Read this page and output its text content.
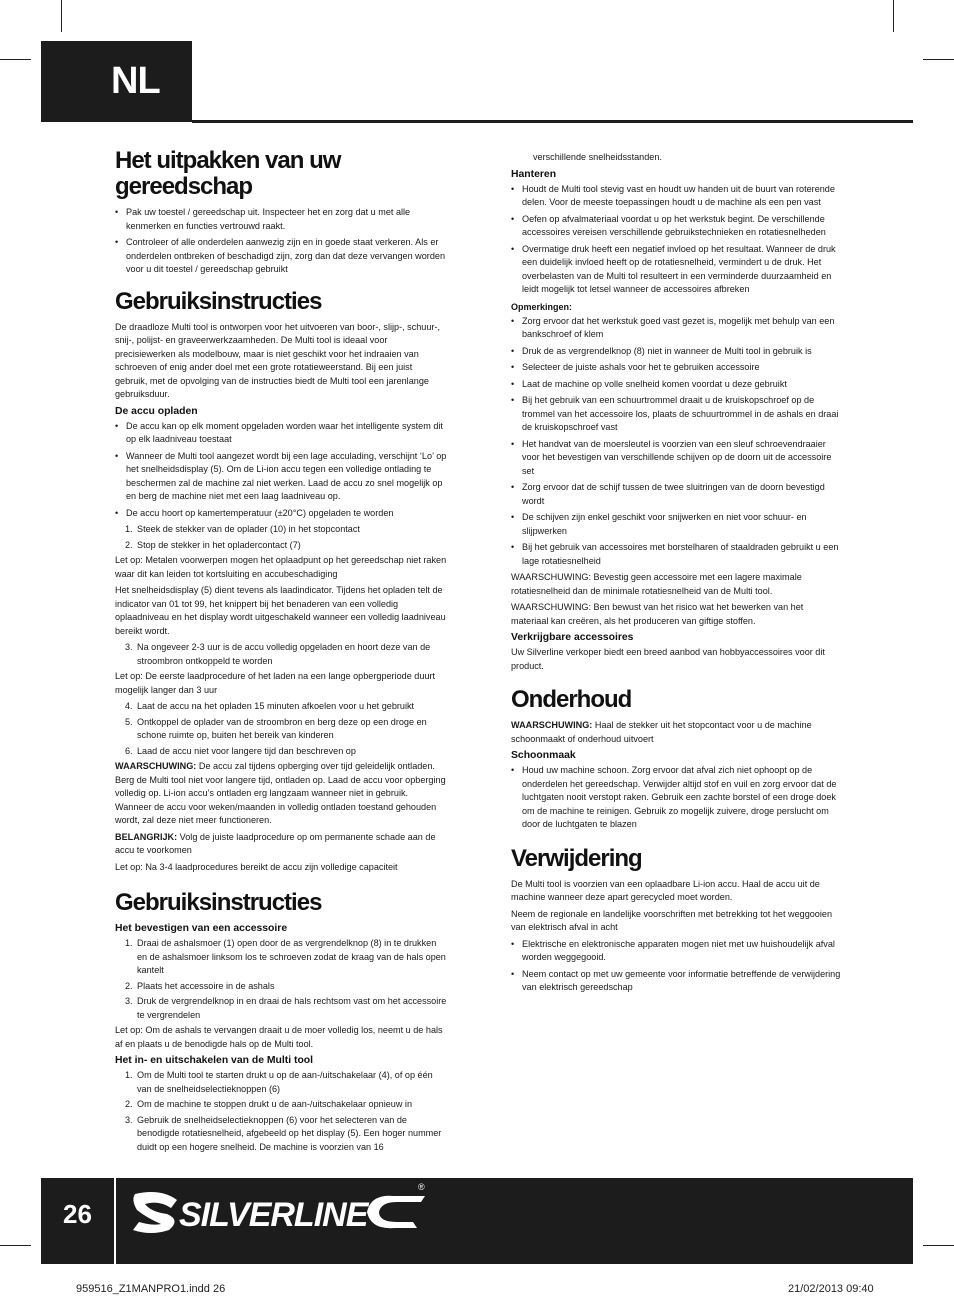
NL
Het uitpakken van uw gereedschap
• Pak uw toestel / gereedschap uit. Inspecteer het en zorg dat u met alle kenmerken en functies vertrouwd raakt.
• Controleer of alle onderdelen aanwezig zijn en in goede staat verkeren. Als er onderdelen ontbreken of beschadigd zijn, zorg dan dat deze vervangen worden voor u dit toestel / gereedschap gebruikt
Gebruiksinstructies

De draadloze Multi tool is ontworpen voor het uitvoeren van boor-, slijp-, schuur-, snij-, polijst- en graveerwerkzaamheden. De Multi tool is ideaal voor precisiewerken als modelbouw, maar is niet geschikt voor het indraaien van schroeven of enig ander doel met een grote rotatieweerstand. Bij een juist gebruik, met de opvolging van de instructies biedt de Multi tool een jarenlange gebruiksduur.

De accu opladen
• De accu kan op elk moment opgeladen worden waar het intelligente system dit op elk laadniveau toestaat
• Wanneer de Multi tool aangezet wordt bij een lage acculading, verschijnt ‘Lo’ op het snelheidsdisplay (5). Om de Li-ion accu tegen een volledige ontlading te beschermen zal de machine zal niet werken. Laad de accu zo snel mogelijk op en berg de machine niet met een laag laadniveau op.
• De accu hoort op kamertemperatuur (±20°C) opgeladen te worden
1. Steek de stekker van de oplader (10) in het stopcontact
2. Stop de stekker in het opladercontact (7)

Let op: Metalen voorwerpen mogen het oplaadpunt op het gereedschap niet raken waar dit kan leiden tot kortsluiting en accubeschadiging

Het snelheidsdisplay (5) dient tevens als laadindicator. Tijdens het opladen telt de indicator van 01 tot 99, het knippert bij het benaderen van een volledig oplaadniveau en het display wordt uitgeschakeld wanneer een volledig laadniveau bereikt wordt.

3. Na ongeveer 2-3 uur is de accu volledig opgeladen en hoort deze van de stroombron ontkoppeld te worden

Let op: De eerste laadprocedure of het laden na een lange opbergperiode duurt mogelijk langer dan 3 uur

4. Laat de accu na het opladen 15 minuten afkoelen voor u het gebruikt
5. Ontkoppel de oplader van de stroombron en berg deze op een droge en schone ruimte op, buiten het bereik van kinderen
6. Laad de accu niet voor langere tijd dan beschreven op

WAARSCHUWING: De accu zal tijdens opberging over tijd geleidelijk ontladen. Berg de Multi tool niet voor langere tijd, ontladen op. Laad de accu voor opberging volledig op. Li-ion accu’s ontladen erg langzaam wanneer niet in gebruik. Wanneer de accu voor weken/maanden in volledig ontladen toestand gehouden wordt, zal deze niet meer functioneren.

BELANGRIJK: Volg de juiste laadprocedure op om permanente schade aan de accu te voorkomen

Let op: Na 3-4 laadprocedures bereikt de accu zijn volledige capaciteit

Gebruiksinstructies
Het bevestigen van een accessoire
1. Draai de ashalsmoer (1) open door de as vergrendelknop (8) in te drukken en de ashalsmoer linksom los te schroeven zodat de kraag van de hals open kantelt
2. Plaats het accessoire in de ashals
3. Druk de vergrendelknop in en draai de hals rechtsom vast om het accessoire te vergrendelen

Let op: Om de ashals te vervangen draait u de moer volledig los, neemt u de hals af en plaats u de benodigde hals op de Multi tool.

Het in- en uitschakelen van de Multi tool
1. Om de Multi tool te starten drukt u op de aan-/uitschakelaar (4), of op één van de snelheidselectieknoppen (6)
2. Om de machine te stoppen drukt u de aan-/uitschakelaar opnieuw in
3. Gebruik de snelheidselectieknoppen (6) voor het selecteren van de benodigde rotatiesnelheid, afgebeeld op het display (5). Een hoger nummer duidt op een hogere snelheid. De machine is voorzien van 16
verschillende snelheidsstanden.
Hanteren
• Houdt de Multi tool stevig vast en houdt uw handen uit de buurt van roterende delen. Voor de meeste toepassingen houdt u de machine als een pen vast
• Oefen op afvalmateriaal voordat u op het werkstuk begint. De verschillende accessoires vereisen verschillende gebruikstechnieken en rotatiesnelheden
• Overmatige druk heeft een negatief invloed op het resultaat. Wanneer de druk een duidelijk invloed heeft op de rotatiesnelheid, vermindert u de druk. Het overbelasten van de Multi tol resulteert in een verminderde duurzaamheid en leidt mogelijk tot letsel wanneer de accessoires afbreken
Opmerkingen:
• Zorg ervoor dat het werkstuk goed vast gezet is, mogelijk met behulp van een bankschroef of klem
• Druk de as vergrendelknop (8) niet in wanneer de Multi tool in gebruik is
• Selecteer de juiste ashals voor het te gebruiken accessoire
• Laat de machine op volle snelheid komen voordat u deze gebruikt
• Bij het gebruik van een schuurtrommel draait u de kruiskopschroef op de trommel van het accessoire los, plaats de schuurtrommel in de ashals en draai de kruiskopschroef vast
• Het handvat van de moersleutel is voorzien van een sleuf schroevendraaier voor het bevestigen van verschillende schijven op de doorn uit de accessoire set
• Zorg ervoor dat de schijf tussen de twee sluitringen van de doorn bevestigd wordt
• De schijven zijn enkel geschikt voor snijwerken en niet voor schuur- en slijpwerken
• Bij het gebruik van accessoires met borstelharen of staaldraden gebruikt u een lage rotatiesnelheid

WAARSCHUWING: Bevestig geen accessoire met een lagere maximale rotatiesnelheid dan de minimale rotatiesnelheid van de Multi tool.

WAARSCHUWING: Ben bewust van het risico wat het bewerken van het materiaal kan creëren, als het produceren van giftige stoffen.

Verkrijgbare accessoires

Uw Silverline verkoper biedt een breed aanbod van hobbyaccessoires voor dit product.

Onderhoud

WAARSCHUWING: Haal de stekker uit het stopcontact voor u de machine schoonmaakt of onderhoud uitvoert

Schoonmaak
• Houd uw machine schoon. Zorg ervoor dat afval zich niet ophoopt op de onderdelen het gereedschap. Verwijder altijd stof en vuil en zorg ervoor dat de luchtgaten nooit verstopt raken. Gebruik een zachte borstel of een droge doek om de machine te reinigen. Gebruik zo mogelijk zuivere, droge perslucht om door de luchtgaten te blazen
Verwijdering

De Multi tool is voorzien van een oplaadbare Li-ion accu. Haal de accu uit de machine wanneer deze apart gerecycled moet worden.

Neem de regionale en landelijke voorschriften met betrekking tot het weggooien van elektrisch afval in acht

• Elektrische en elektronische apparaten mogen niet met uw huishoudelijk afval worden weggegooid.
• Neem contact op met uw gemeente voor informatie betreffende de verwijdering van elektrisch gereedschap
26	SILVERLINE
®
959516_Z1MANPRO1.indd 26	21/02/2013 09:40
